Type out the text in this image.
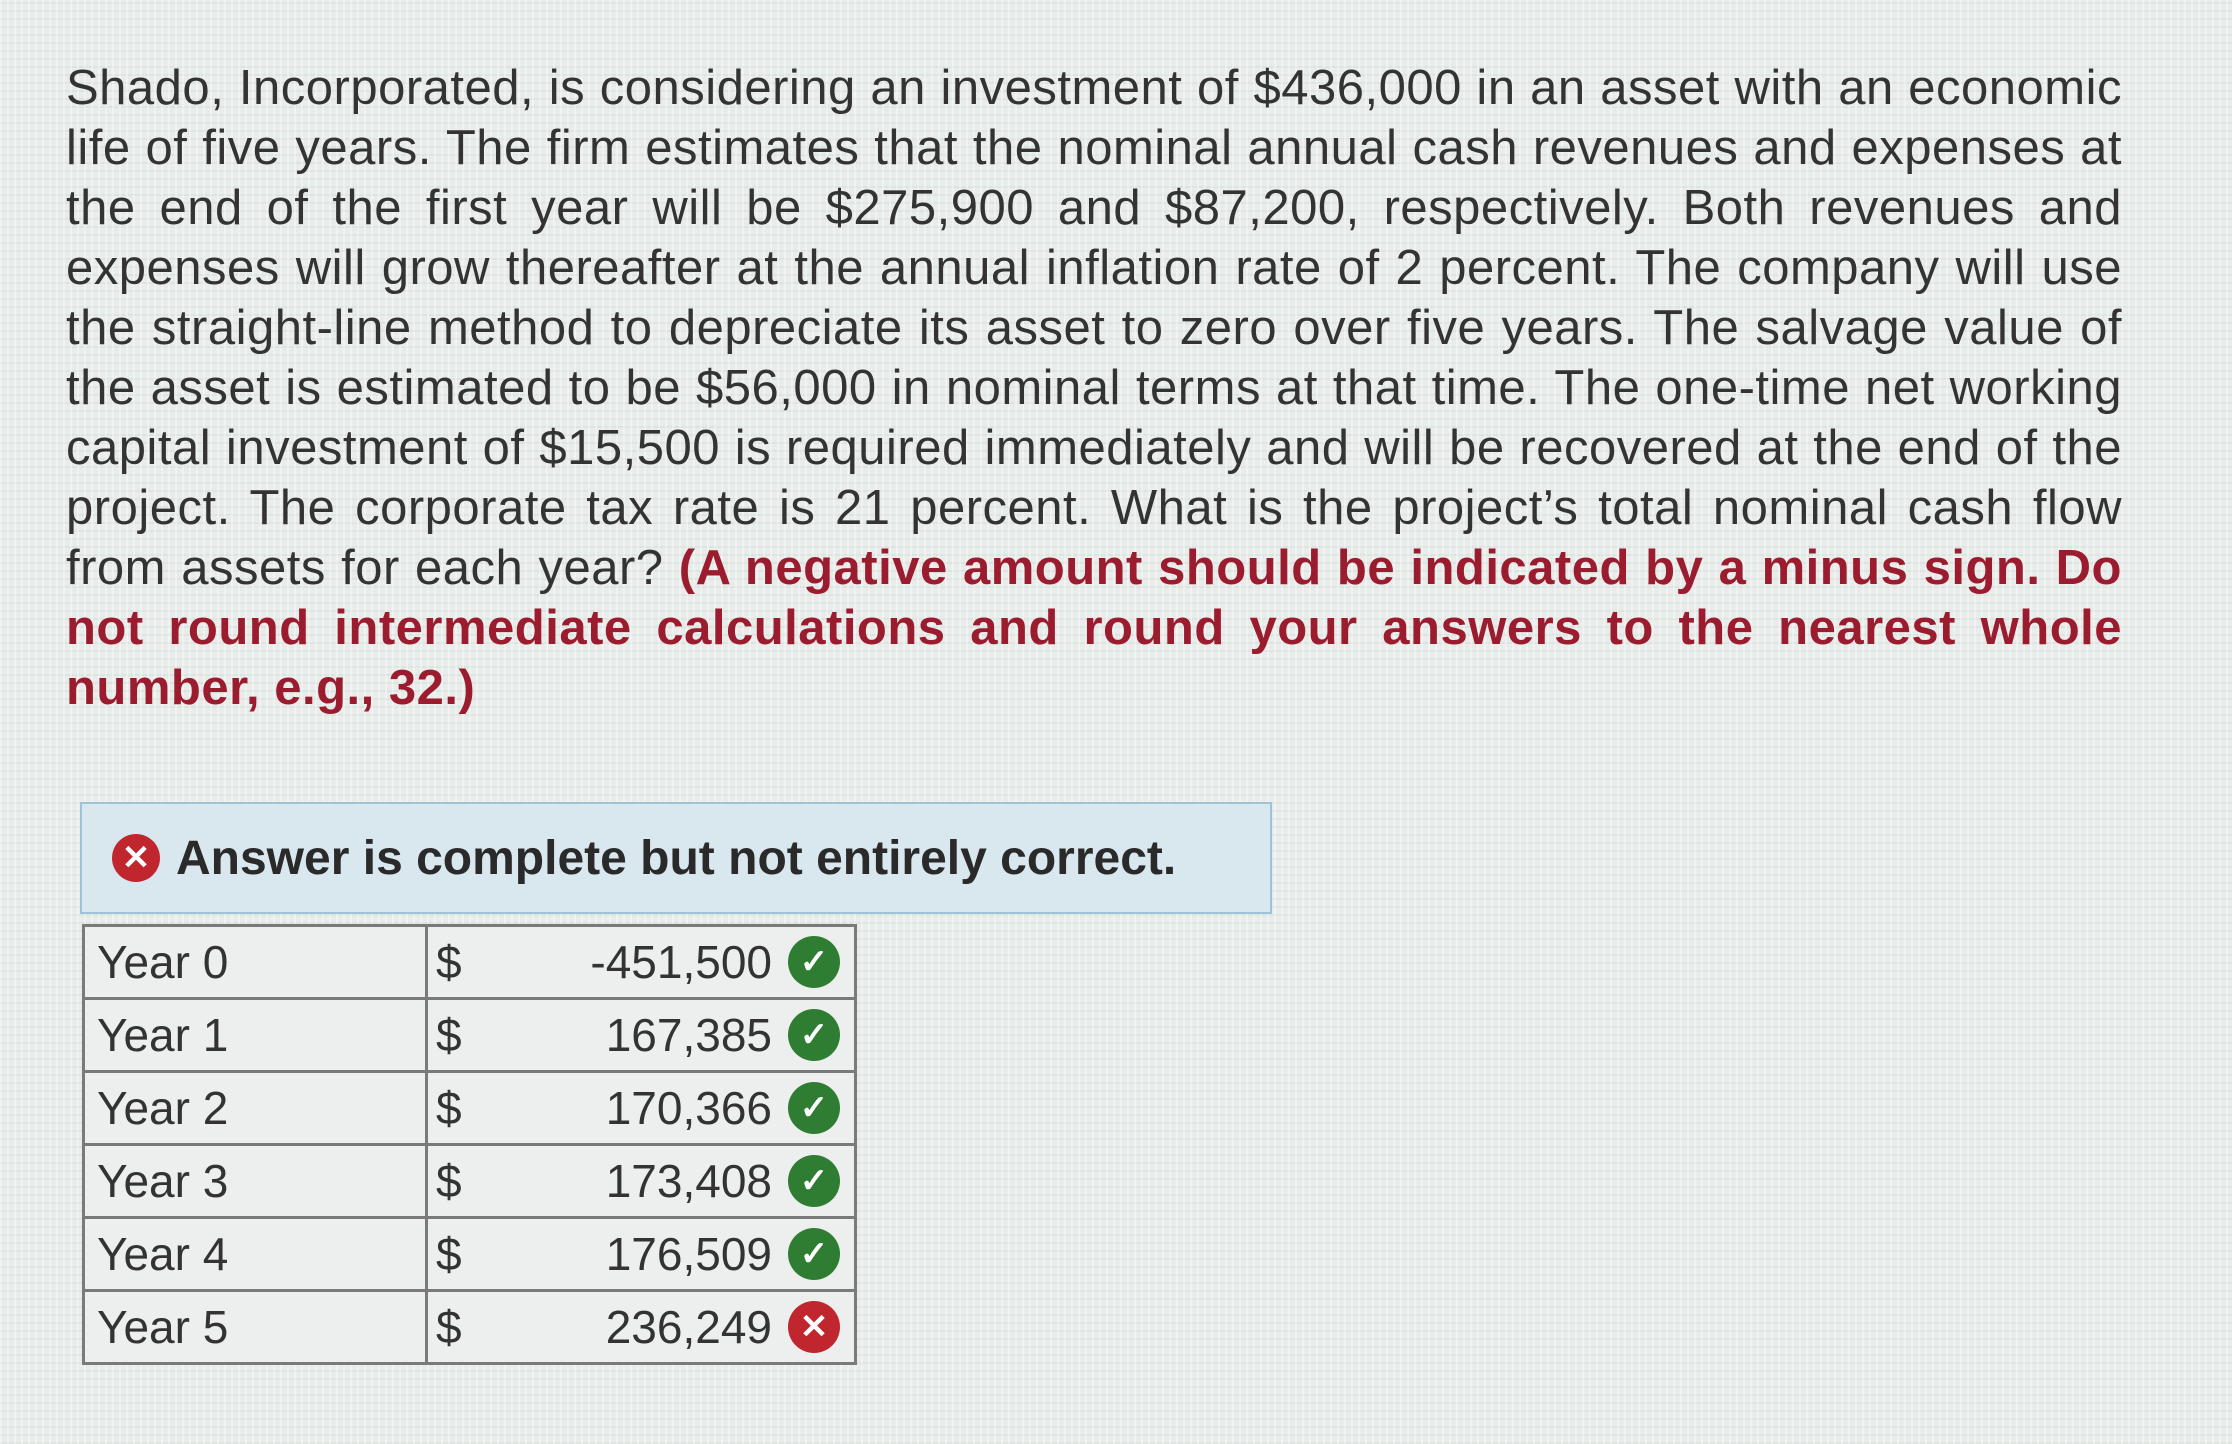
Shado, Incorporated, is considering an investment of $436,000 in an asset with an economic life of five years. The firm estimates that the nominal annual cash revenues and expenses at the end of the first year will be $275,900 and $87,200, respectively. Both revenues and expenses will grow thereafter at the annual inflation rate of 2 percent. The company will use the straight-line method to depreciate its asset to zero over five years. The salvage value of the asset is estimated to be $56,000 in nominal terms at that time. The one-time net working capital investment of $15,500 is required immediately and will be recovered at the end of the project. The corporate tax rate is 21 percent. What is the project’s total nominal cash flow from assets for each year? (A negative amount should be indicated by a minus sign. Do not round intermediate calculations and round your answers to the nearest whole number, e.g., 32.)

✕ Answer is complete but not entirely correct.
Year 0	$ -451,500 ✓

Year 1	$ 167,385 ✓

Year 2	$ 170,366 ✓

Year 3	$ 173,408 ✓

Year 4	$ 176,509 ✓

Year 5	$ 236,249 ✕
